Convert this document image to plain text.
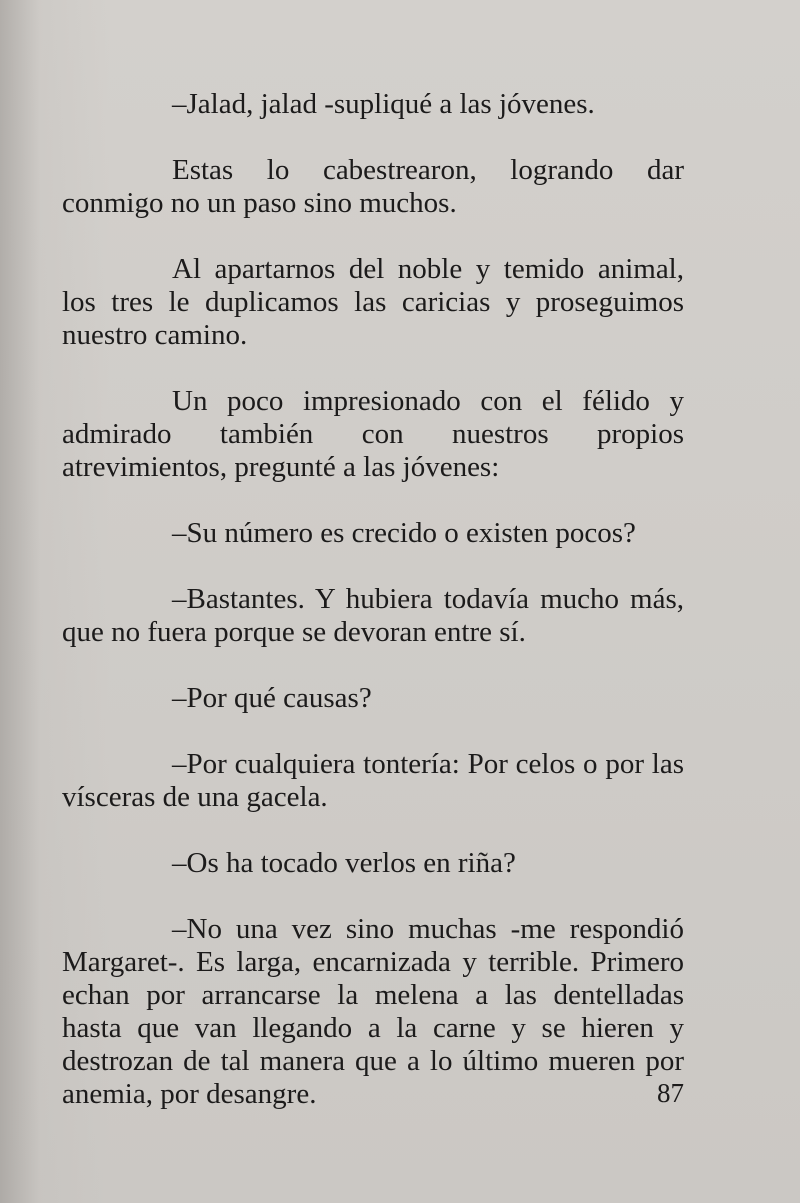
–Jalad, jalad -supliqué a las jóvenes.

Estas lo cabestrearon, logrando dar conmigo no un paso sino muchos.

Al apartarnos del noble y temido animal, los tres le duplicamos las caricias y proseguimos nuestro camino.

Un poco impresionado con el félido y admirado también con nuestros propios atrevimientos, pregunté a las jóvenes:

–Su número es crecido o existen pocos?

–Bastantes. Y hubiera todavía mucho más, que no fuera porque se devoran entre sí.

–Por qué causas?

–Por cualquiera tontería: Por celos o por las vísceras de una gacela.

–Os ha tocado verlos en riña?

–No una vez sino muchas -me respondió Margaret-. Es larga, encarnizada y terrible. Primero echan por arrancarse la melena a las dentelladas hasta que van llegando a la carne y se hieren y destrozan de tal manera que a lo último mueren por anemia, por desangre.	87
